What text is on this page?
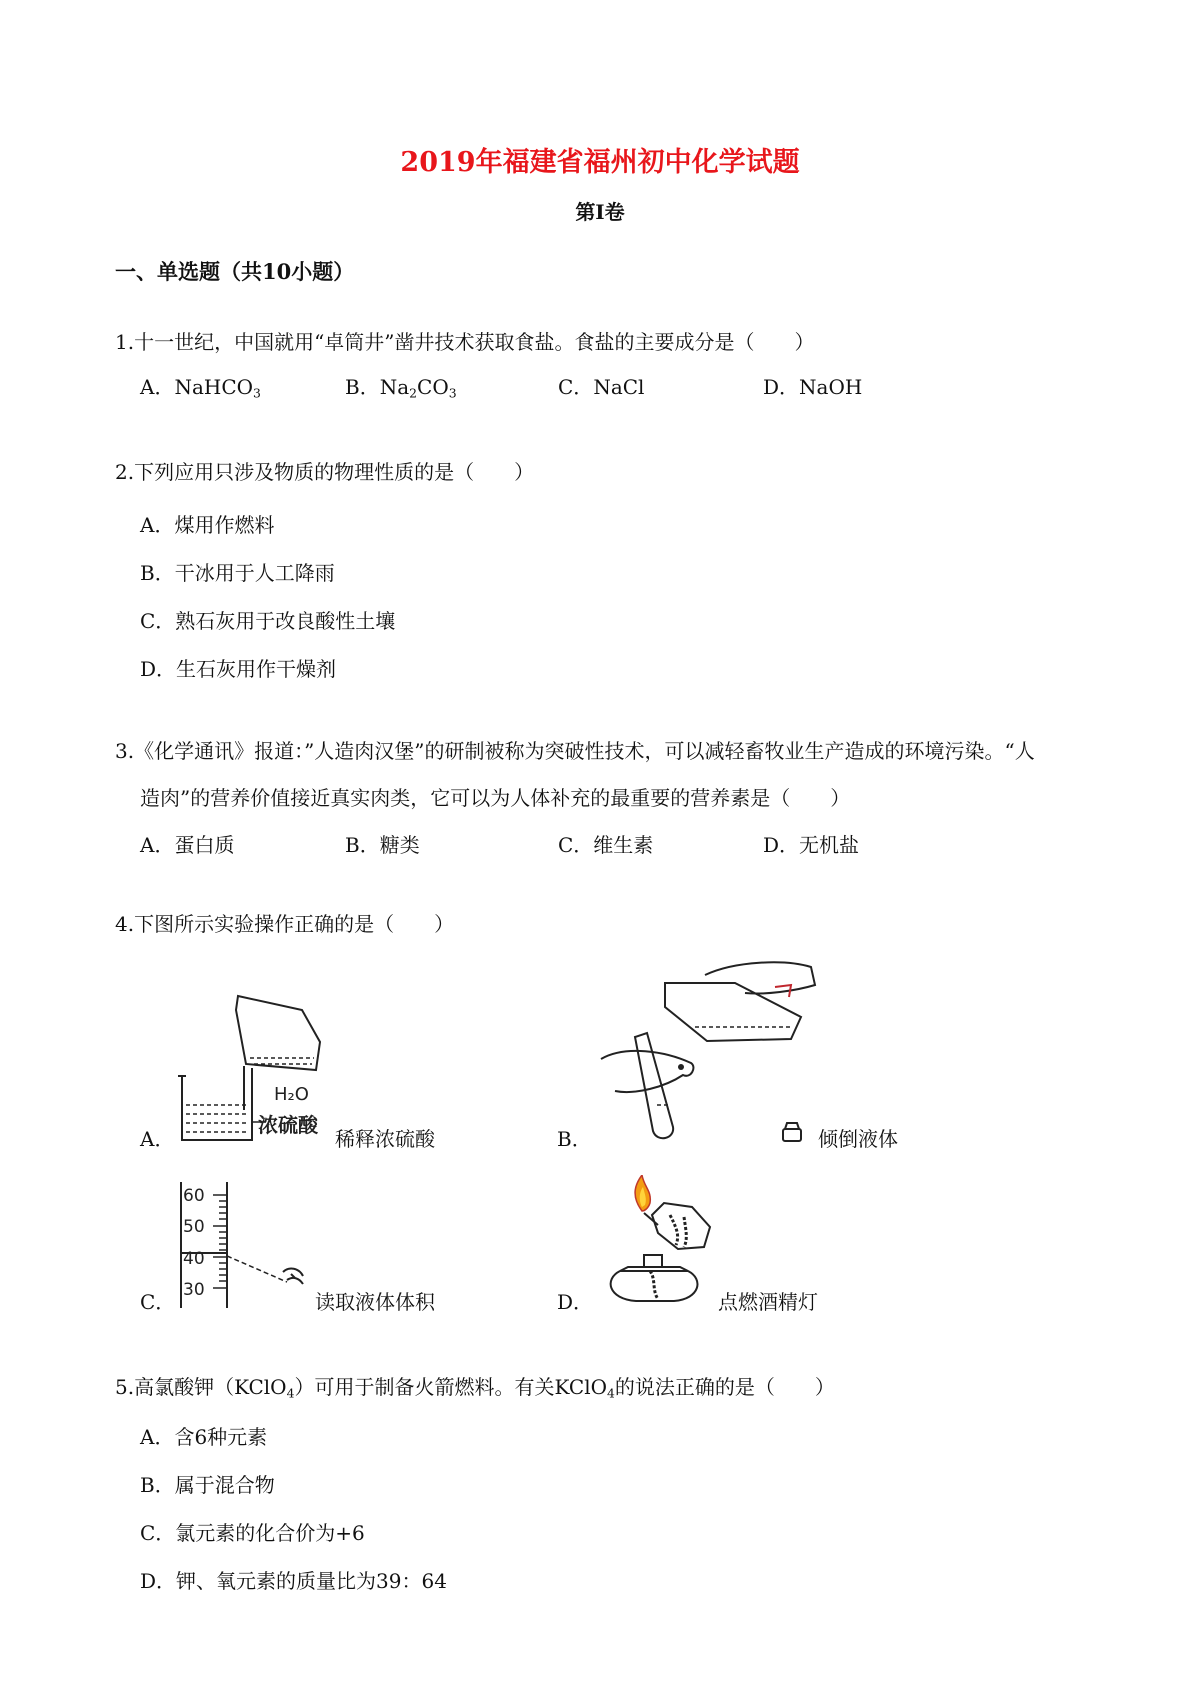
2019年福建省福州初中化学试题
第Ⅰ卷
一、单选题（共10小题）
1.十一世纪，中国就用“卓筒井”凿井技术获取食盐。食盐的主要成分是（　　）
A．NaHCO$_3$	B．$Na_2CO_3$	C．NaCl	D．NaOH
2.下列应用只涉及物质的物理性质的是（　　）
A．煤用作燃料
B．干冰用于人工降雨
C．熟石灰用于改良酸性土壤
D．生石灰用作干燥剂
3.《化学通讯》报道：”人造肉汉堡”的研制被称为突破性技术，可以减轻畜牧业生产造成的环境污染。“人
造肉”的营养价值接近真实肉类，它可以为人体补充的最重要的营养素是（　　）
A．蛋白质	B．糖类	C．维生素	D．无机盐
4.下图所示实验操作正确的是（　　）
H₂O
浓硫酸
A．	稀释浓硫酸	B．	倾倒液体
60
50
40
30
C．	读取液体体积	D．	点燃酒精灯
5.高氯酸钾（KClO$_4$）可用于制备火箭燃料。有关KClO$_4$的说法正确的是（　　）
A．含6种元素
B．属于混合物
C．氯元素的化合价为+6
D．钾、氧元素的质量比为39：64
